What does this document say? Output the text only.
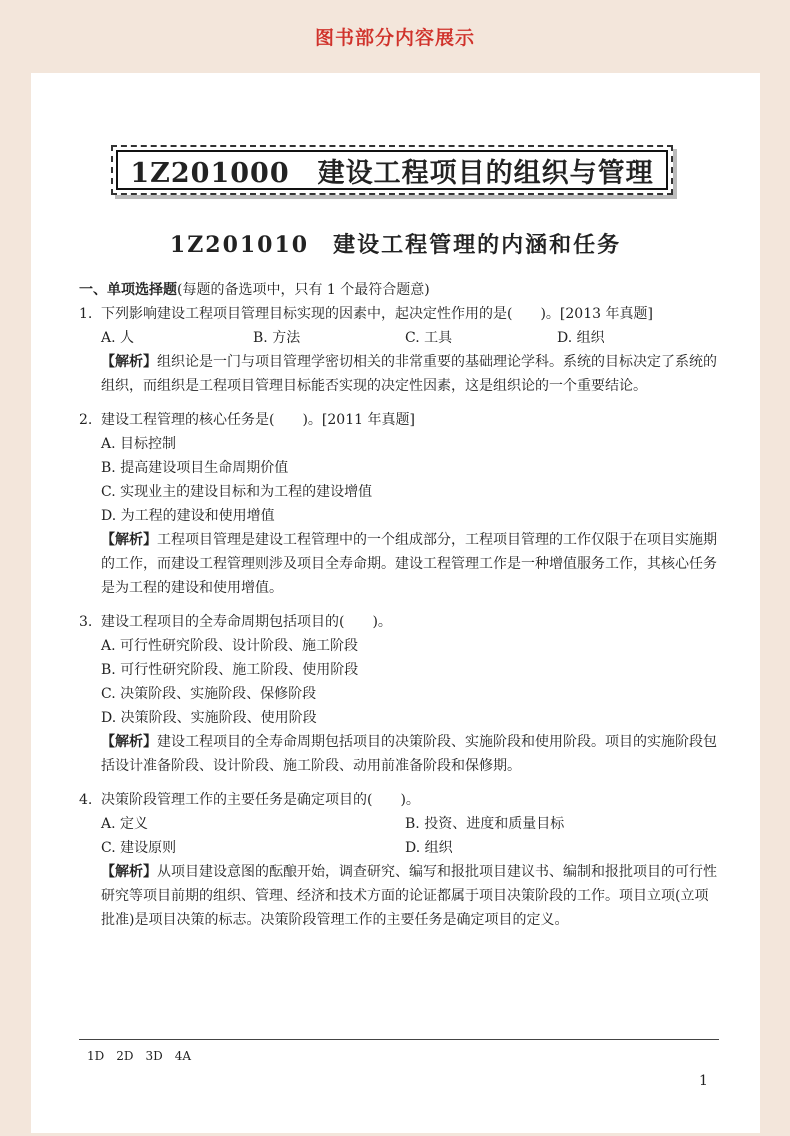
图书部分内容展示
1Z201000　建设工程项目的组织与管理
1Z201010　建设工程管理的内涵和任务
一、单项选择题(每题的备选项中，只有 1 个最符合题意)
1. 下列影响建设工程项目管理目标实现的因素中，起决定性作用的是(　　)。[2013 年真题]
A. 人	B. 方法	C. 工具	D. 组织
【解析】组织论是一门与项目管理学密切相关的非常重要的基础理论学科。系统的目标决定了系统的组织，而组织是工程项目管理目标能否实现的决定性因素，这是组织论的一个重要结论。
2. 建设工程管理的核心任务是(　　)。[2011 年真题]
A. 目标控制
B. 提高建设项目生命周期价值
C. 实现业主的建设目标和为工程的建设增值
D. 为工程的建设和使用增值
【解析】工程项目管理是建设工程管理中的一个组成部分，工程项目管理的工作仅限于在项目实施期的工作，而建设工程管理则涉及项目全寿命期。建设工程管理工作是一种增值服务工作，其核心任务是为工程的建设和使用增值。
3. 建设工程项目的全寿命周期包括项目的(　　)。
A. 可行性研究阶段、设计阶段、施工阶段
B. 可行性研究阶段、施工阶段、使用阶段
C. 决策阶段、实施阶段、保修阶段
D. 决策阶段、实施阶段、使用阶段
【解析】建设工程项目的全寿命周期包括项目的决策阶段、实施阶段和使用阶段。项目的实施阶段包括设计准备阶段、设计阶段、施工阶段、动用前准备阶段和保修期。
4. 决策阶段管理工作的主要任务是确定项目的(　　)。
A. 定义	B. 投资、进度和质量目标
C. 建设原则	D. 组织
【解析】从项目建设意图的酝酿开始，调查研究、编写和报批项目建议书、编制和报批项目的可行性研究等项目前期的组织、管理、经济和技术方面的论证都属于项目决策阶段的工作。项目立项(立项批准)是项目决策的标志。决策阶段管理工作的主要任务是确定项目的定义。
1D　2D　3D　4A
1
